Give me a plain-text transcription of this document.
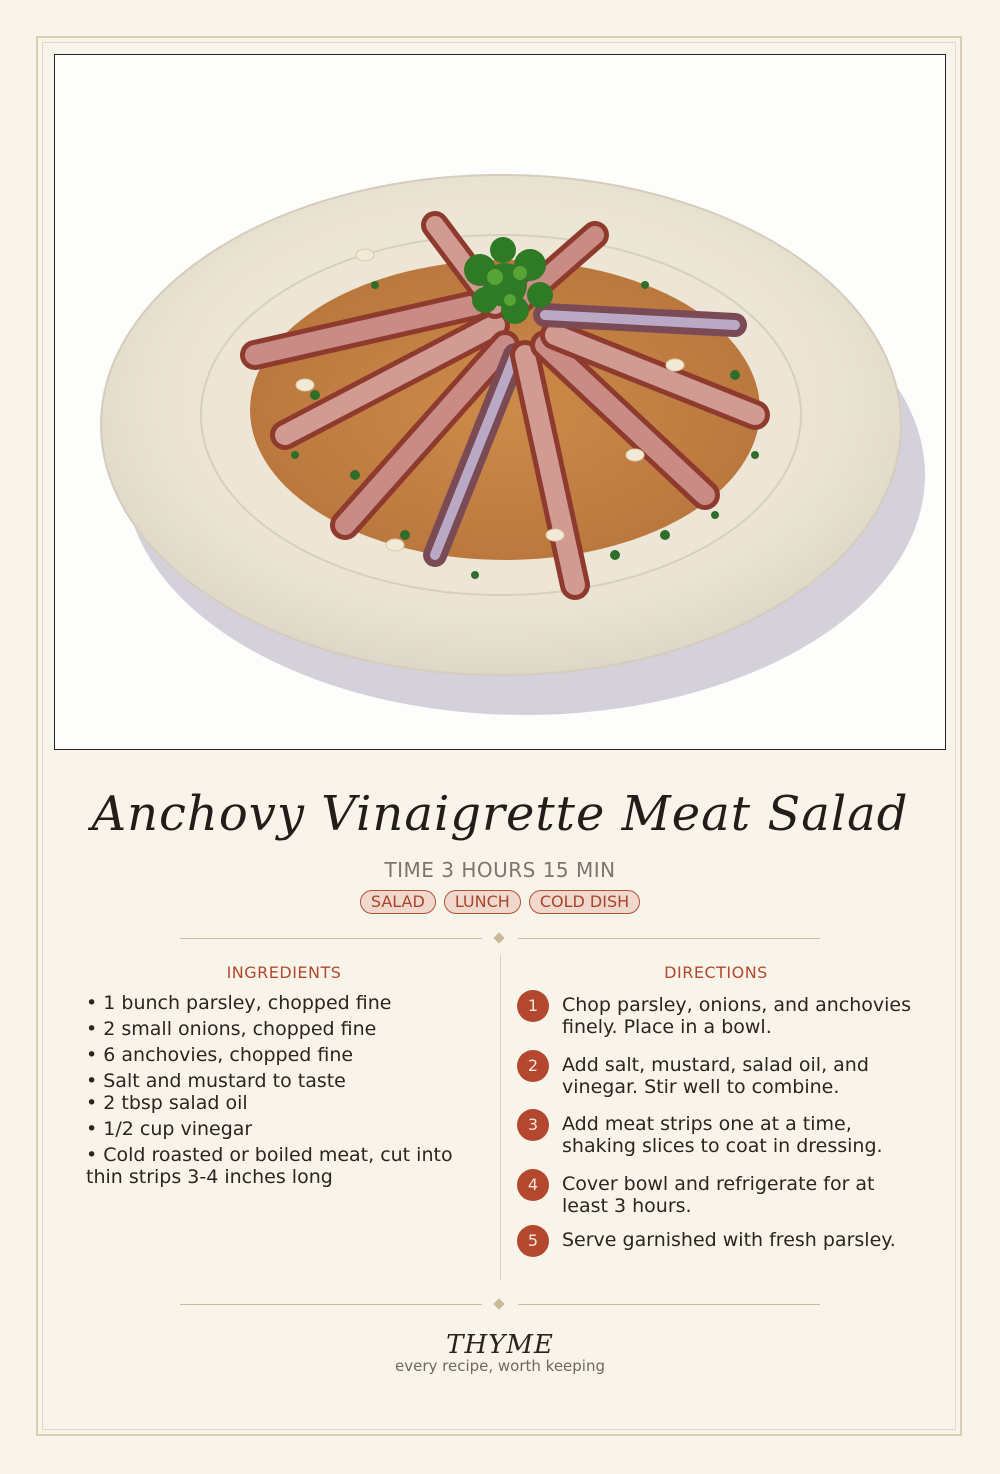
Anchovy Vinaigrette Meat Salad
TIME 3 HOURS 15 MIN
SALAD	LUNCH	COLD DISH
INGREDIENTS
• 1 bunch parsley, chopped fine
• 2 small onions, chopped fine
• 6 anchovies, chopped fine
• Salt and mustard to taste
• 2 tbsp salad oil
• 1/2 cup vinegar
• Cold roasted or boiled meat, cut into thin strips 3-4 inches long
DIRECTIONS
1	Chop parsley, onions, and anchovies finely. Place in a bowl.
2	Add salt, mustard, salad oil, and vinegar. Stir well to combine.
3	Add meat strips one at a time, shaking slices to coat in dressing.
4	Cover bowl and refrigerate for at least 3 hours.
5	Serve garnished with fresh parsley.
THYME
every recipe, worth keeping
